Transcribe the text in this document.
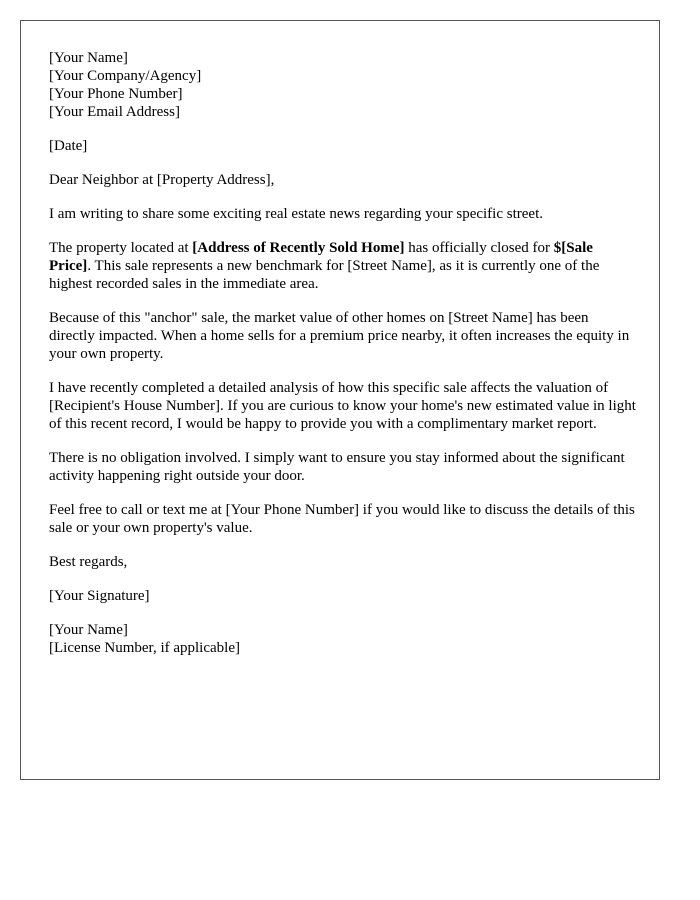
[Your Name]
[Your Company/Agency]
[Your Phone Number]
[Your Email Address]

[Date]

Dear Neighbor at [Property Address],

I am writing to share some exciting real estate news regarding your specific street.

The property located at [Address of Recently Sold Home] has officially closed for $[Sale Price]. This sale represents a new benchmark for [Street Name], as it is currently one of the highest recorded sales in the immediate area.

Because of this "anchor" sale, the market value of other homes on [Street Name] has been directly impacted. When a home sells for a premium price nearby, it often increases the equity in your own property.

I have recently completed a detailed analysis of how this specific sale affects the valuation of [Recipient's House Number]. If you are curious to know your home's new estimated value in light of this recent record, I would be happy to provide you with a complimentary market report.

There is no obligation involved. I simply want to ensure you stay informed about the significant activity happening right outside your door.

Feel free to call or text me at [Your Phone Number] if you would like to discuss the details of this sale or your own property's value.

Best regards,

[Your Signature]

[Your Name]
[License Number, if applicable]
